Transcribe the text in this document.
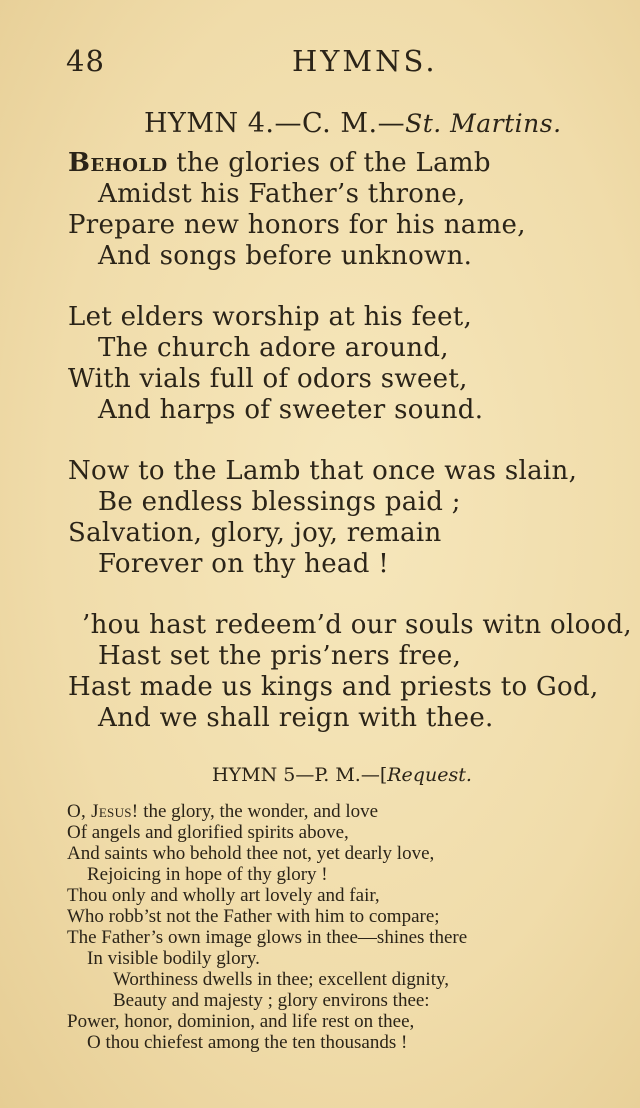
48	HYMNS.
HYMN 4.—C. M.—St. Martins.
Behold the glories of the Lamb
Amidst his Father’s throne,
Prepare new honors for his name,
And songs before unknown.
Let elders worship at his feet,
The church adore around,
With vials full of odors sweet,
And harps of sweeter sound.
Now to the Lamb that once was slain,
Be endless blessings paid ;
Salvation, glory, joy, remain
Forever on thy head !
’hou hast redeem’d our souls witn olood,
Hast set the pris’ners free,
Hast made us kings and priests to God,
And we shall reign with thee.
HYMN 5—P. M.—[Request.
O, Jesus! the glory, the wonder, and love
Of angels and glorified spirits above,
And saints who behold thee not, yet dearly love,
Rejoicing in hope of thy glory !
Thou only and wholly art lovely and fair,
Who robb’st not the Father with him to compare;
The Father’s own image glows in thee—shines there
In visible bodily glory.
Worthiness dwells in thee; excellent dignity,
Beauty and majesty ; glory environs thee:
Power, honor, dominion, and life rest on thee,
O thou chiefest among the ten thousands !
